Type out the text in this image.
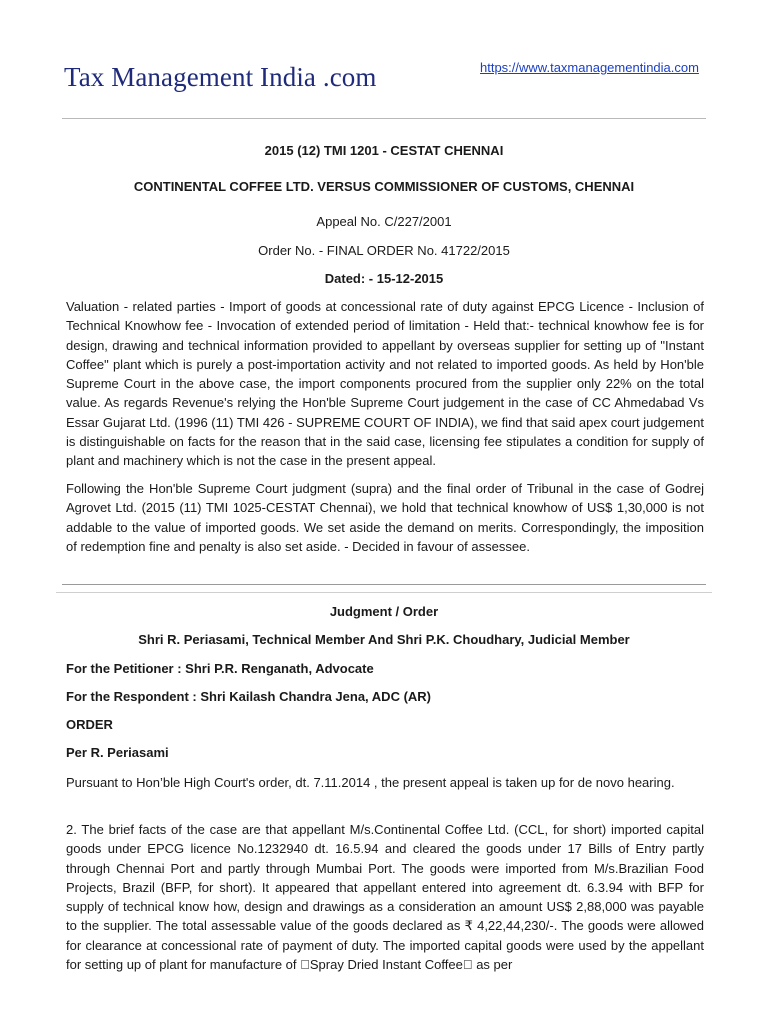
Tax Management India .com	https://www.taxmanagementindia.com
2015 (12) TMI 1201 - CESTAT CHENNAI
CONTINENTAL COFFEE LTD. VERSUS COMMISSIONER OF CUSTOMS, CHENNAI
Appeal No. C/227/2001
Order No. - FINAL ORDER No. 41722/2015
Dated: - 15-12-2015

Valuation - related parties - Import of goods at concessional rate of duty against EPCG Licence - Inclusion of Technical Knowhow fee - Invocation of extended period of limitation - Held that:- technical knowhow fee is for design, drawing and technical information provided to appellant by overseas supplier for setting up of "Instant Coffee" plant which is purely a post-importation activity and not related to imported goods. As held by Hon'ble Supreme Court in the above case, the import components procured from the supplier only 22% on the total value. As regards Revenue's relying the Hon'ble Supreme Court judgement in the case of CC Ahmedabad Vs Essar Gujarat Ltd. (1996 (11) TMI 426 - SUPREME COURT OF INDIA), we find that said apex court judgement is distinguishable on facts for the reason that in the said case, licensing fee stipulates a condition for supply of plant and machinery which is not the case in the present appeal.

Following the Hon'ble Supreme Court judgment (supra) and the final order of Tribunal in the case of Godrej Agrovet Ltd. (2015 (11) TMI 1025-CESTAT Chennai), we hold that technical knowhow of US$ 1,30,000 is not addable to the value of imported goods. We set aside the demand on merits. Correspondingly, the imposition of redemption fine and penalty is also set aside. - Decided in favour of assessee.

Judgment / Order
Shri R. Periasami, Technical Member And Shri P.K. Choudhary, Judicial Member

For the Petitioner : Shri P.R. Renganath, Advocate

For the Respondent : Shri Kailash Chandra Jena, ADC (AR)

ORDER

Per R. Periasami

Pursuant to Hon’ble High Court's order, dt. 7.11.2014 , the present appeal is taken up for de novo hearing.

2. The brief facts of the case are that appellant M/s.Continental Coffee Ltd. (CCL, for short) imported capital goods under EPCG licence No.1232940 dt. 16.5.94 and cleared the goods under 17 Bills of Entry partly through Chennai Port and partly through Mumbai Port. The goods were imported from M/s.Brazilian Food Projects, Brazil (BFP, for short). It appeared that appellant entered into agreement dt. 6.3.94 with BFP for supply of technical know how, design and drawings as a consideration an amount US$ 2,88,000 was payable to the supplier. The total assessable value of the goods declared as ₹ 4,22,44,230/-. The goods were allowed for clearance at concessional rate of payment of duty. The imported capital goods were used by the appellant for setting up of plant for manufacture of  Spray Dried Instant Coffee  as per
